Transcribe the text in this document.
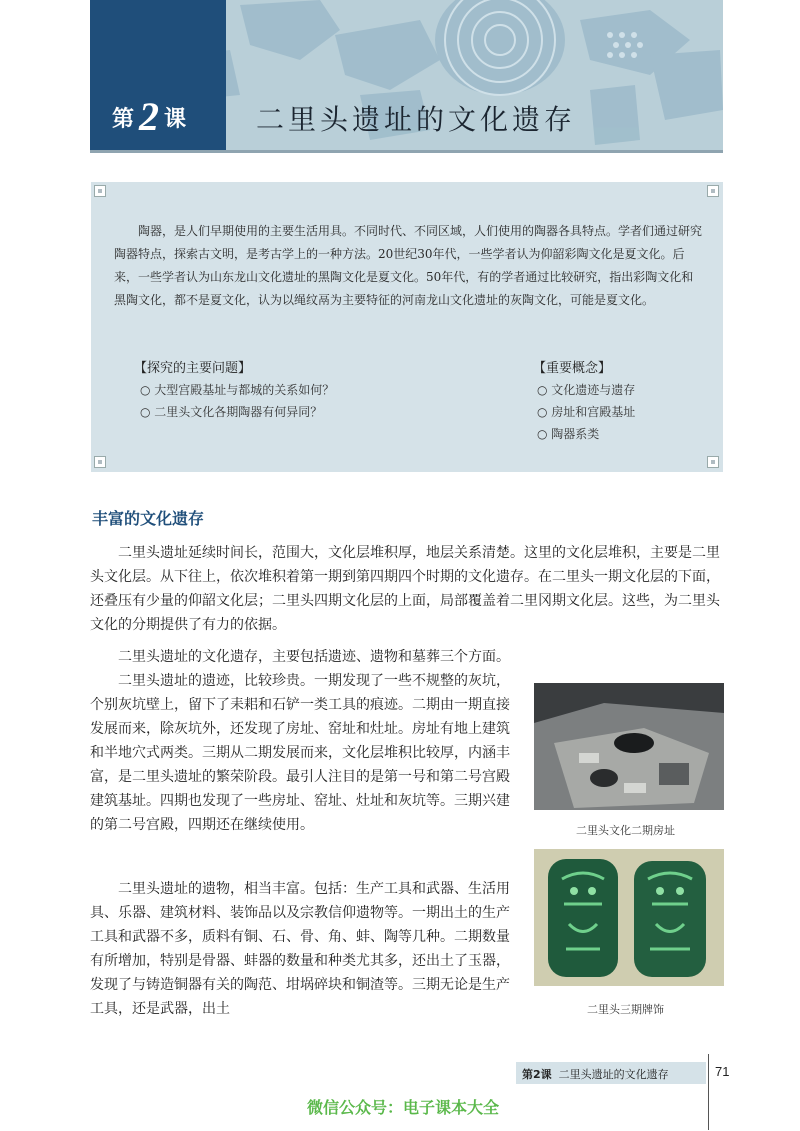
第2 课 二里头遗址的文化遗存
陶器，是人们早期使用的主要生活用具。不同时代、不同区域，人们使用的陶器各具特点。学者们通过研究陶器特点，探索古文明，是考古学上的一种方法。20世纪30年代，一些学者认为仰韶彩陶文化是夏文化。后来，一些学者认为山东龙山文化遗址的黑陶文化是夏文化。50年代，有的学者通过比较研究，指出彩陶文化和黑陶文化，都不是夏文化，认为以绳纹鬲为主要特征的河南龙山文化遗址的灰陶文化，可能是夏文化。
【探究的主要问题】
○ 大型宫殿基址与都城的关系如何？
○ 二里头文化各期陶器有何异同？
【重要概念】
○ 文化遗迹与遗存
○ 房址和宫殿基址
○ 陶器系类
丰富的文化遗存
二里头遗址延续时间长，范围大，文化层堆积厚，地层关系清楚。这里的文化层堆积，主要是二里头文化层。从下往上，依次堆积着第一期到第四期四个时期的文化遗存。在二里头一期文化层的下面，还叠压有少量的仰韶文化层；二里头四期文化层的上面，局部覆盖着二里冈期文化层。这些，为二里头文化的分期提供了有力的依据。
二里头遗址的文化遗存，主要包括遗迹、遗物和墓葬三个方面。
二里头遗址的遗迹，比较珍贵。一期发现了一些不规整的灰坑，个别灰坑壁上，留下了耒耜和石铲一类工具的痕迹。二期由一期直接发展而来，除灰坑外，还发现了房址、窑址和灶址。房址有地上建筑和半地穴式两类。三期从二期发展而来，文化层堆积比较厚，内涵丰富，是二里头遗址的繁荣阶段。最引人注目的是第一号和第二号宫殿建筑基址。四期也发现了一些房址、窑址、灶址和灰坑等。三期兴建的第二号宫殿，四期还在继续使用。
二里头遗址的遗物，相当丰富。包括：生产工具和武器、生活用具、乐器、建筑材料、装饰品以及宗教信仰遗物等。一期出土的生产工具和武器不多，质料有铜、石、骨、角、蚌、陶等几种。二期数量有所增加，特别是骨器、蚌器的数量和种类尤其多，还出土了玉器，发现了与铸造铜器有关的陶范、坩埚碎块和铜渣等。三期无论是生产工具，还是武器，出土
二里头文化二期房址
二里头三期牌饰
第2课 二里头遗址的文化遗存	71
微信公众号：电子课本大全
